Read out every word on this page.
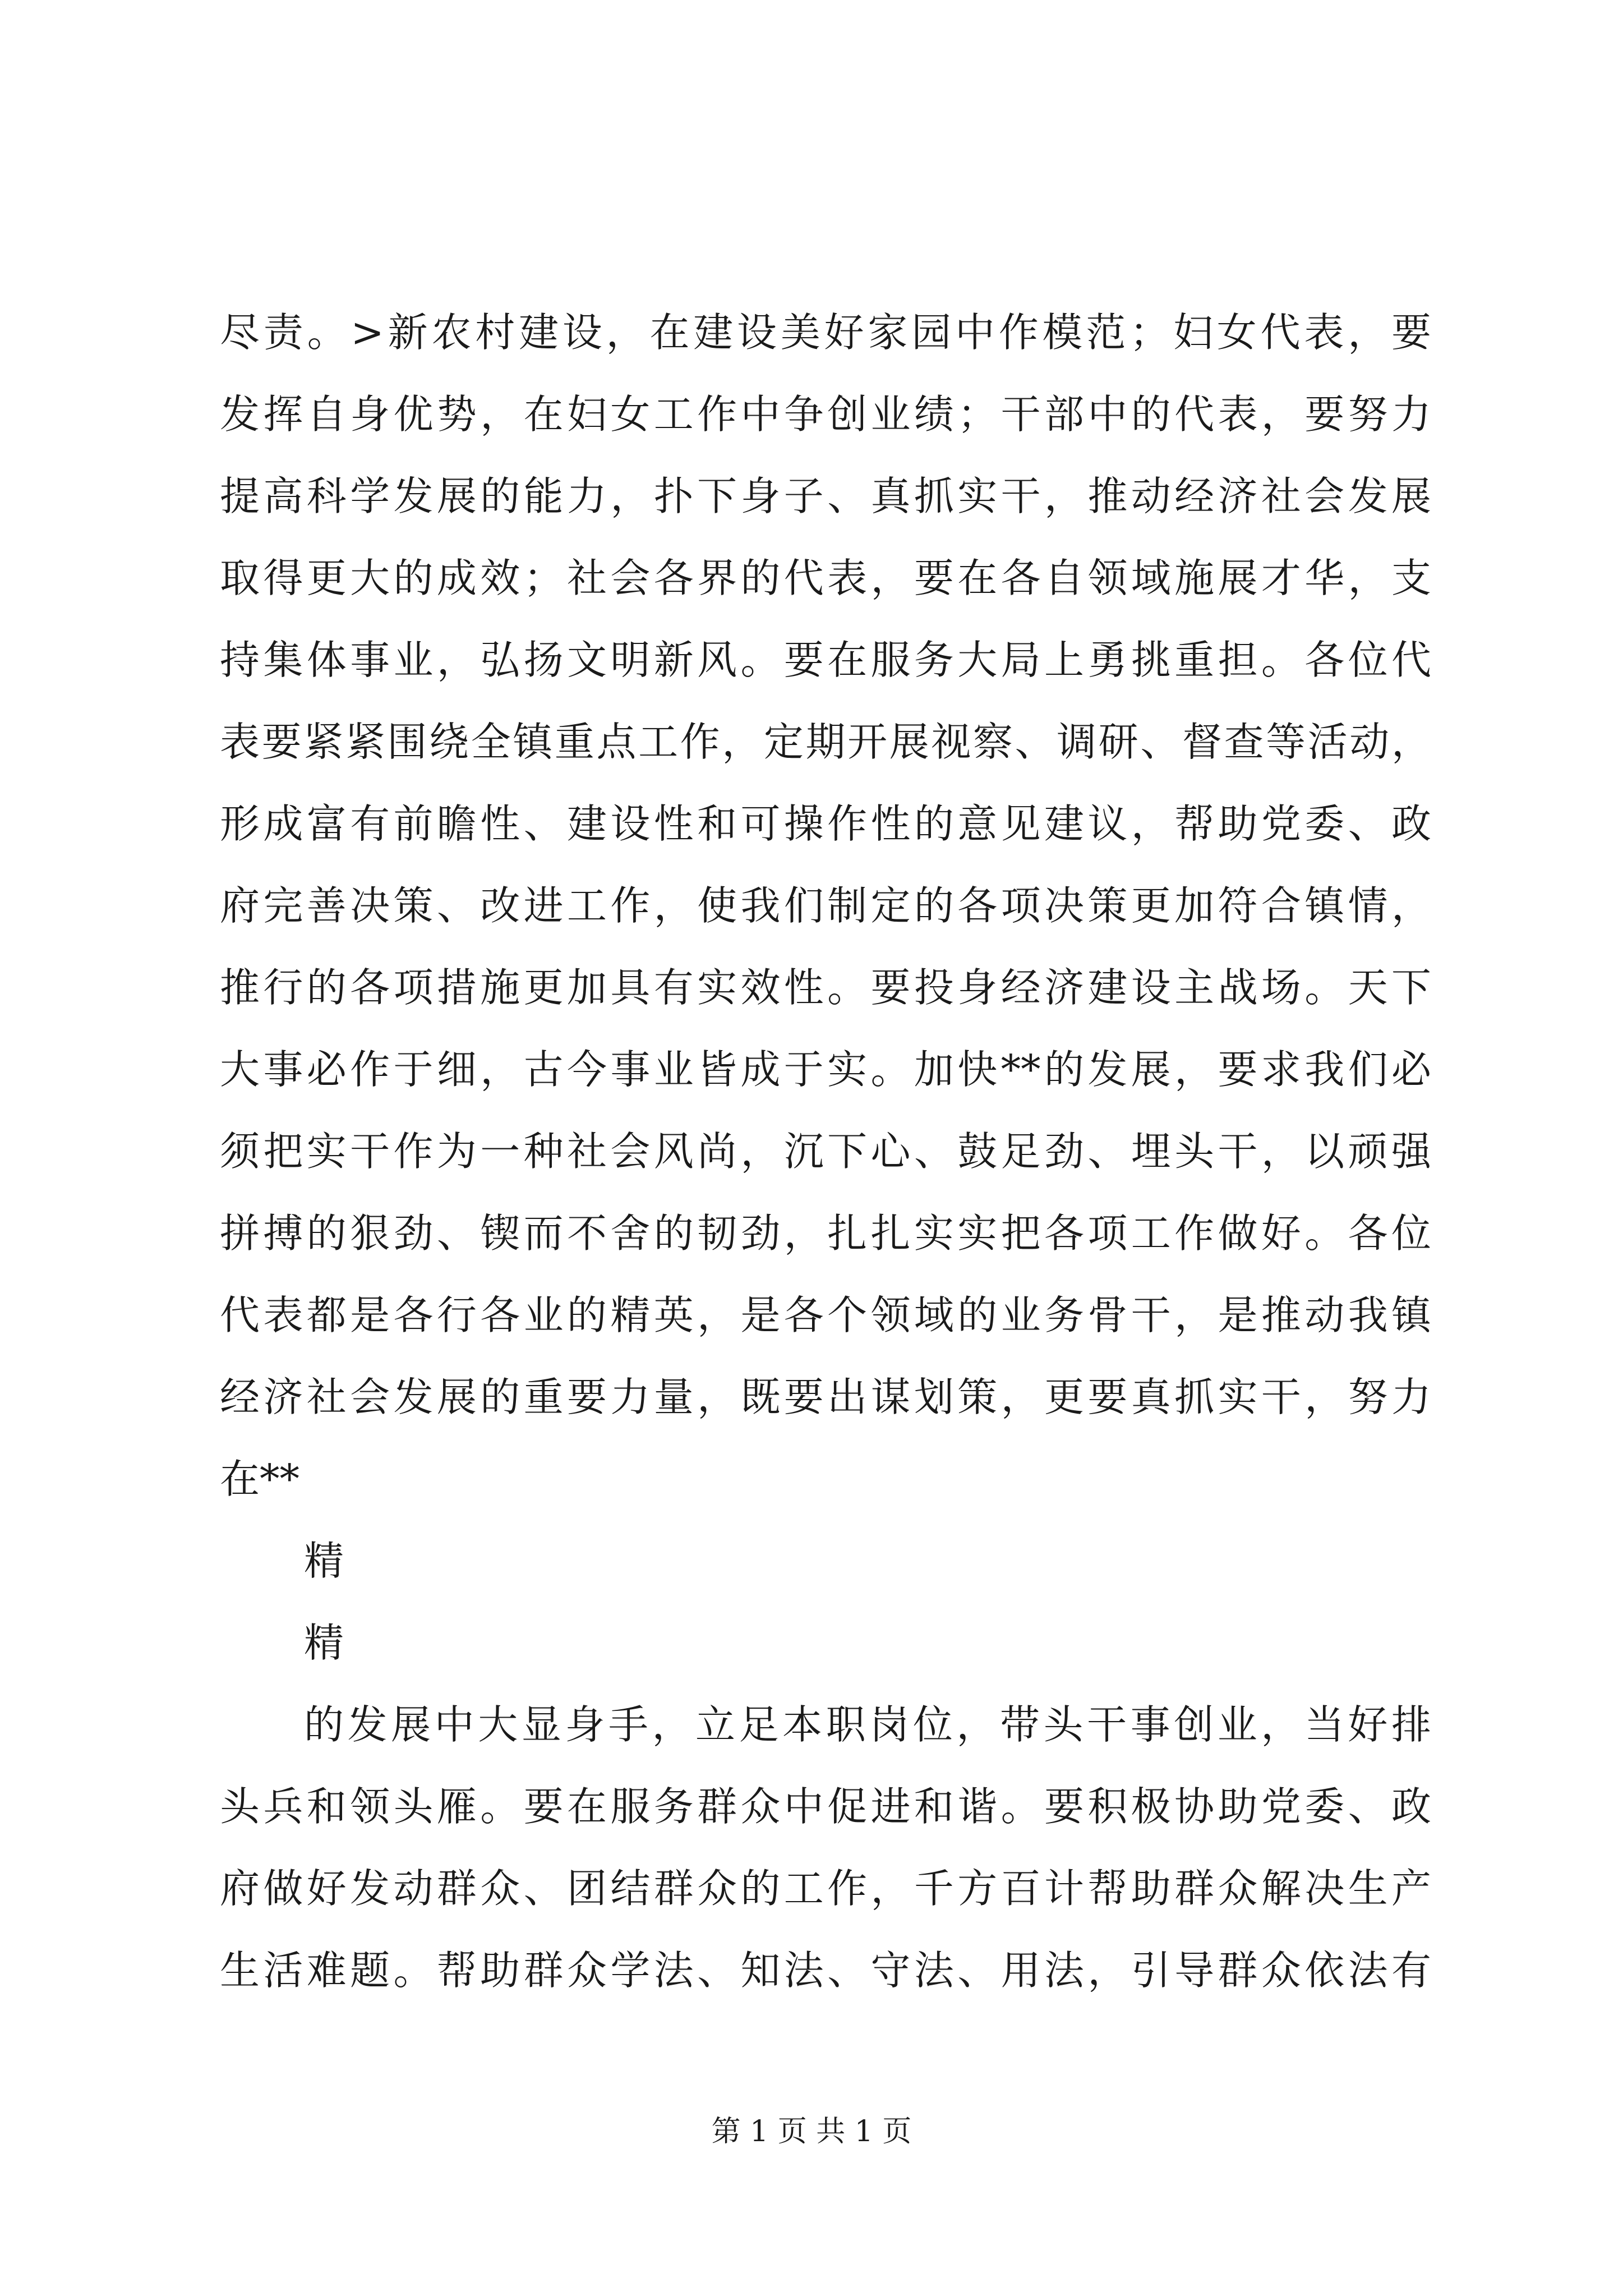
尽责。>新农村建设，在建设美好家园中作模范；妇女代表，要
发挥自身优势，在妇女工作中争创业绩；干部中的代表，要努力
提高科学发展的能力，扑下身子、真抓实干，推动经济社会发展
取得更大的成效；社会各界的代表，要在各自领域施展才华，支
持集体事业，弘扬文明新风。要在服务大局上勇挑重担。各位代
表要紧紧围绕全镇重点工作，定期开展视察、调研、督查等活动，
形成富有前瞻性、建设性和可操作性的意见建议，帮助党委、政
府完善决策、改进工作，使我们制定的各项决策更加符合镇情，
推行的各项措施更加具有实效性。要投身经济建设主战场。天下
大事必作于细，古今事业皆成于实。加快**的发展，要求我们必
须把实干作为一种社会风尚，沉下心、鼓足劲、埋头干，以顽强
拼搏的狠劲、锲而不舍的韧劲，扎扎实实把各项工作做好。各位
代表都是各行各业的精英，是各个领域的业务骨干，是推动我镇
经济社会发展的重要力量，既要出谋划策，更要真抓实干，努力
在**
精
精
的发展中大显身手，立足本职岗位，带头干事创业，当好排
头兵和领头雁。要在服务群众中促进和谐。要积极协助党委、政
府做好发动群众、团结群众的工作，千方百计帮助群众解决生产
生活难题。帮助群众学法、知法、守法、用法，引导群众依法有
第 1 页 共 1 页
